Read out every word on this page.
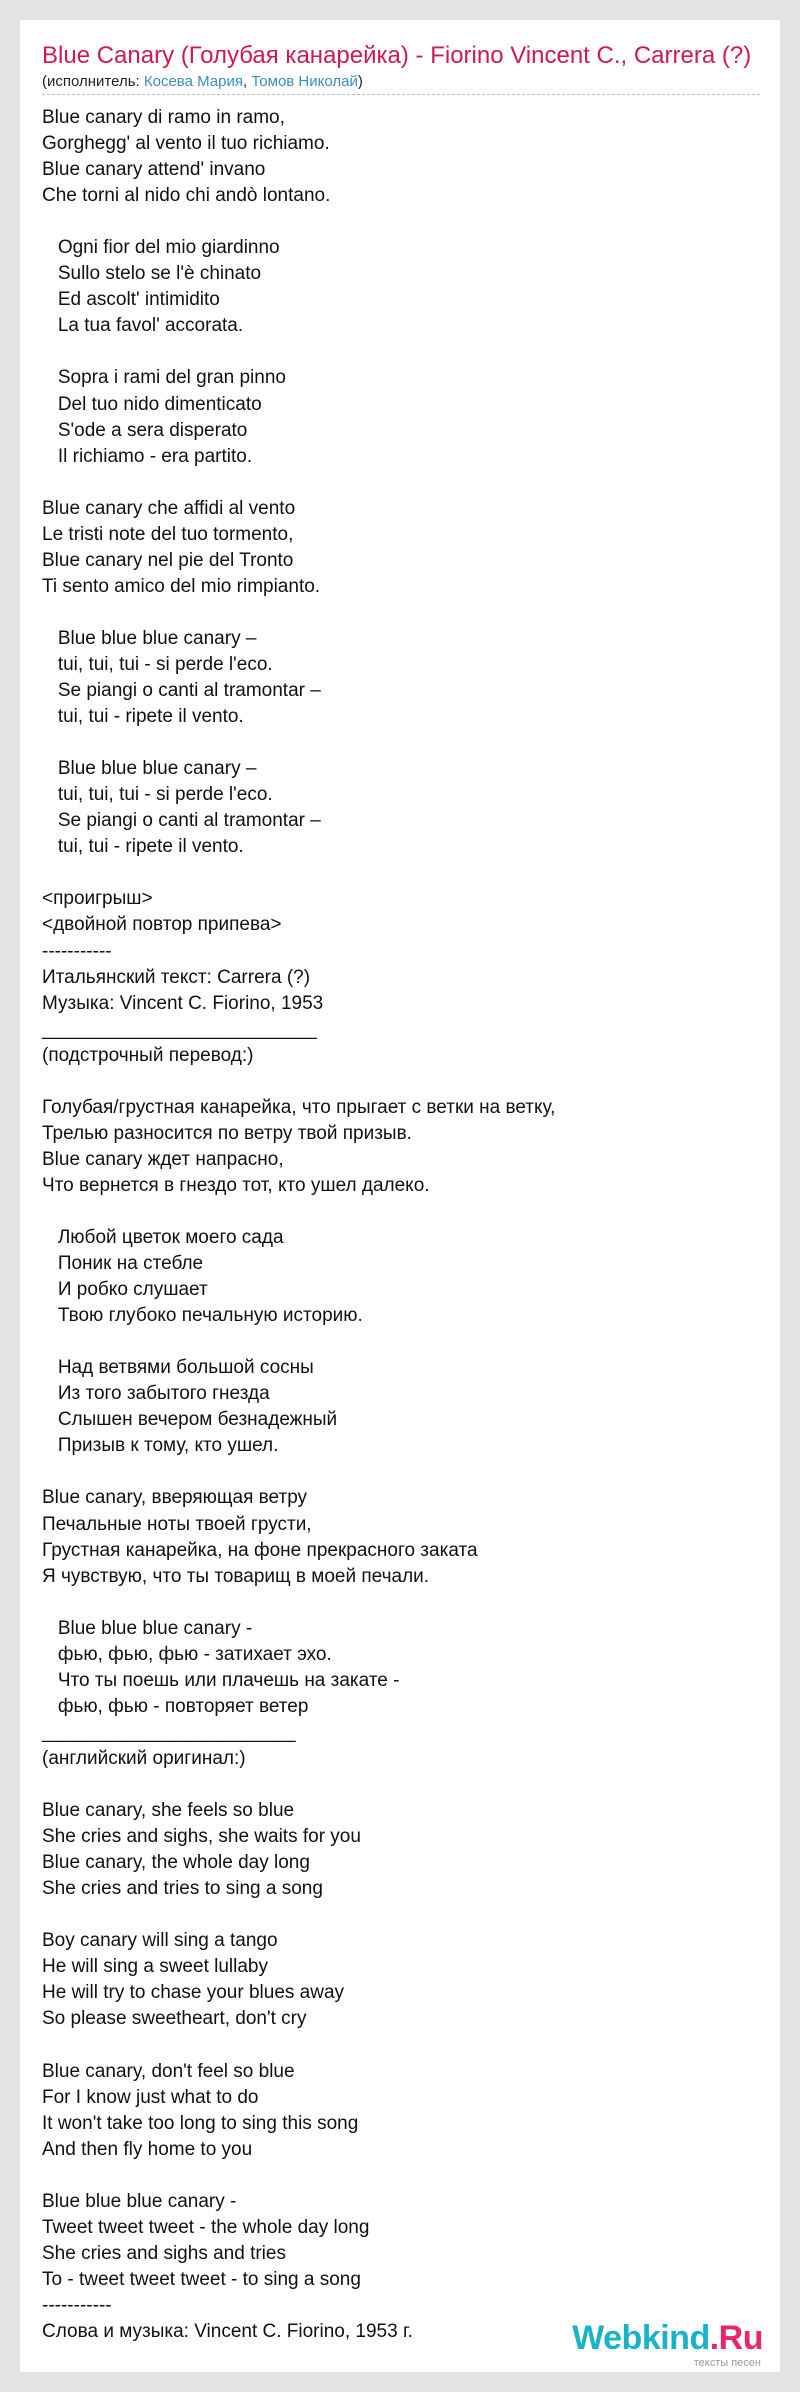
Blue Canary (Голубая канарейка) - Fiorino Vincent C., Carrera (?)
(исполнитель: Косева Мария, Томов Николай)
Blue canary di ramo in ramo,
Gorghegg' al vento il tuo richiamo.
Blue canary attend' invano
Che torni al nido chi andò lontano.

Ogni fior del mio giardinno
Sullo stelo se l'è chinato
Ed ascolt' intimidito
La tua favol' accorata.

Sopra i rami del gran pinno
Del tuo nido dimenticato
S'ode a sera disperato
Il richiamo - era partito.

Blue canary che affidi al vento
Le tristi note del tuo tormento,
Blue canary nel pie del Tronto
Ti sento amico del mio rimpianto.

Blue blue blue canary –
tui, tui, tui - si perde l'eco.
Se piangi o canti al tramontar –
tui, tui - ripete il vento.

Blue blue blue canary –
tui, tui, tui - si perde l'eco.
Se piangi o canti al tramontar –
tui, tui - ripete il vento.

<проигрыш>
<двойной повтор припева>
-----------
Итальянский текст: Carrera (?)
Музыка: Vincent C. Fiorino, 1953
__________________________
(подстрочный перевод:)

Голубая/грустная канарейка, что прыгает с ветки на ветку,
Трелью разносится по ветру твой призыв.
Blue canary ждет напрасно,
Что вернется в гнездо тот, кто ушел далеко.

Любой цветок моего сада
Поник на стебле
И робко слушает
Твою глубоко печальную историю.

Над ветвями большой сосны
Из того забытого гнезда
Слышен вечером безнадежный
Призыв к тому, кто ушел.

Blue canary, вверяющая ветру
Печальные ноты твоей грусти,
Грустная канарейка, на фоне прекрасного заката
Я чувствую, что ты товарищ в моей печали.

Blue blue blue canary -
фью, фью, фью - затихает эхо.
Что ты поешь или плачешь на закате -
фью, фью - повторяет ветер
________________________
(английский оригинал:)

Blue canary, she feels so blue
She cries and sighs, she waits for you
Blue canary, the whole day long
She cries and tries to sing a song

Boy canary will sing a tango
He will sing a sweet lullaby
He will try to chase your blues away
So please sweetheart, don't cry

Blue canary, don't feel so blue
For I know just what to do
It won't take too long to sing this song
And then fly home to you

Blue blue blue canary -
Tweet tweet tweet - the whole day long
She cries and sighs and tries
To - tweet tweet tweet - to sing a song
-----------
Слова и музыка: Vincent C. Fiorino, 1953 г.	Webkind.Ru
тексты песен
